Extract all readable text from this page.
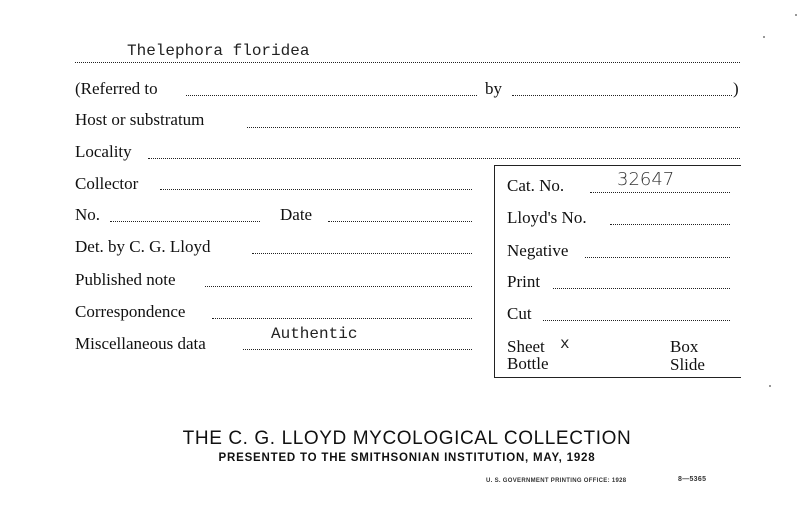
Thelephora floridea
(Referred to	by	)
Host or substratum
Locality
Collector
No.	Date
Det. by C. G. Lloyd
Published note
Correspondence
Miscellaneous data	Authentic
Cat. No.	32647
Lloyd's No.
Negative
Print
Cut
Sheet x	Box
Bottle	Slide
THE C. G. LLOYD MYCOLOGICAL COLLECTION
PRESENTED TO THE SMITHSONIAN INSTITUTION, MAY, 1928
U. S. GOVERNMENT PRINTING OFFICE: 1928	8—5365
